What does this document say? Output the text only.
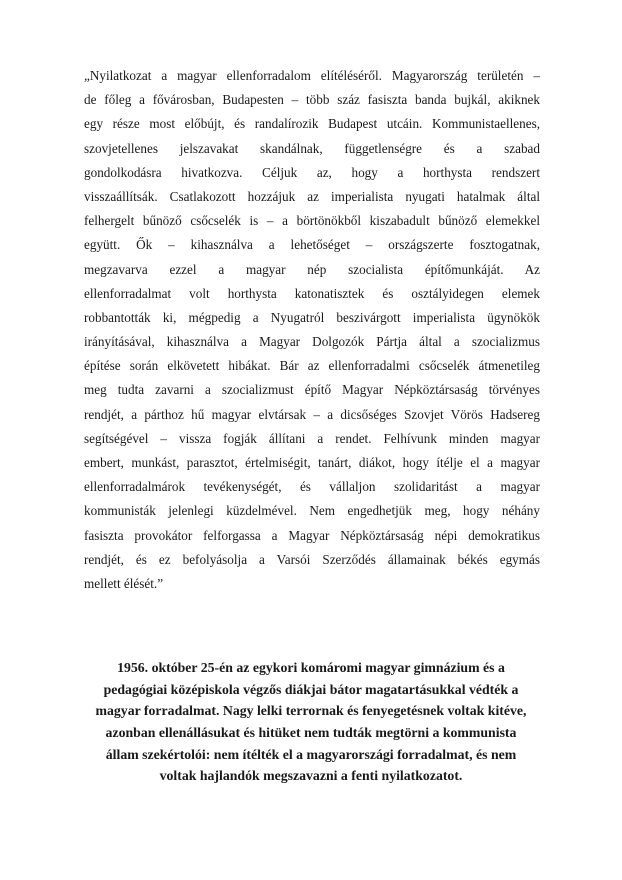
„Nyilatkozat a magyar ellenforradalom elítéléséről. Magyarország területén –
de főleg a fővárosban, Budapesten – több száz fasiszta banda bujkál, akiknek
egy része most előbújt, és randalírozik Budapest utcáin. Kommunistaellenes,
szovjetellenes jelszavakat skandálnak, függetlenségre és a szabad
gondolkodásra hivatkozva. Céljuk az, hogy a horthysta rendszert
visszaállítsák. Csatlakozott hozzájuk az imperialista nyugati hatalmak által
felhergelt bűnöző csőcselék is – a börtönökből kiszabadult bűnöző elemekkel
együtt. Ők – kihasználva a lehetőséget – országszerte fosztogatnak,
megzavarva ezzel a magyar nép szocialista építőmunkáját. Az
ellenforradalmat volt horthysta katonatisztek és osztályidegen elemek
robbantották ki, mégpedig a Nyugatról beszivárgott imperialista ügynökök
irányításával, kihasználva a Magyar Dolgozók Pártja által a szocializmus
építése során elkövetett hibákat. Bár az ellenforradalmi csőcselék átmenetileg
meg tudta zavarni a szocializmust építő Magyar Népköztársaság törvényes
rendjét, a párthoz hű magyar elvtársak – a dicsőséges Szovjet Vörös Hadsereg
segítségével – vissza fogják állítani a rendet. Felhívunk minden magyar
embert, munkást, parasztot, értelmiségit, tanárt, diákot, hogy ítélje el a magyar
ellenforradalmárok tevékenységét, és vállaljon szolidaritást a magyar
kommunisták jelenlegi küzdelmével. Nem engedhetjük meg, hogy néhány
fasiszta provokátor felforgassa a Magyar Népköztársaság népi demokratikus
rendjét, és ez befolyásolja a Varsói Szerződés államainak békés egymás
mellett élését.”
1956. október 25-én az egykori komáromi magyar gimnázium és a
pedagógiai középiskola végzős diákjai bátor magatartásukkal védték a
magyar forradalmat. Nagy lelki terrornak és fenyegetésnek voltak kitéve,
azonban ellenállásukat és hitüket nem tudták megtörni a kommunista
állam szekértolói: nem ítélték el a magyarországi forradalmat, és nem
voltak hajlandók megszavazni a fenti nyilatkozatot.
